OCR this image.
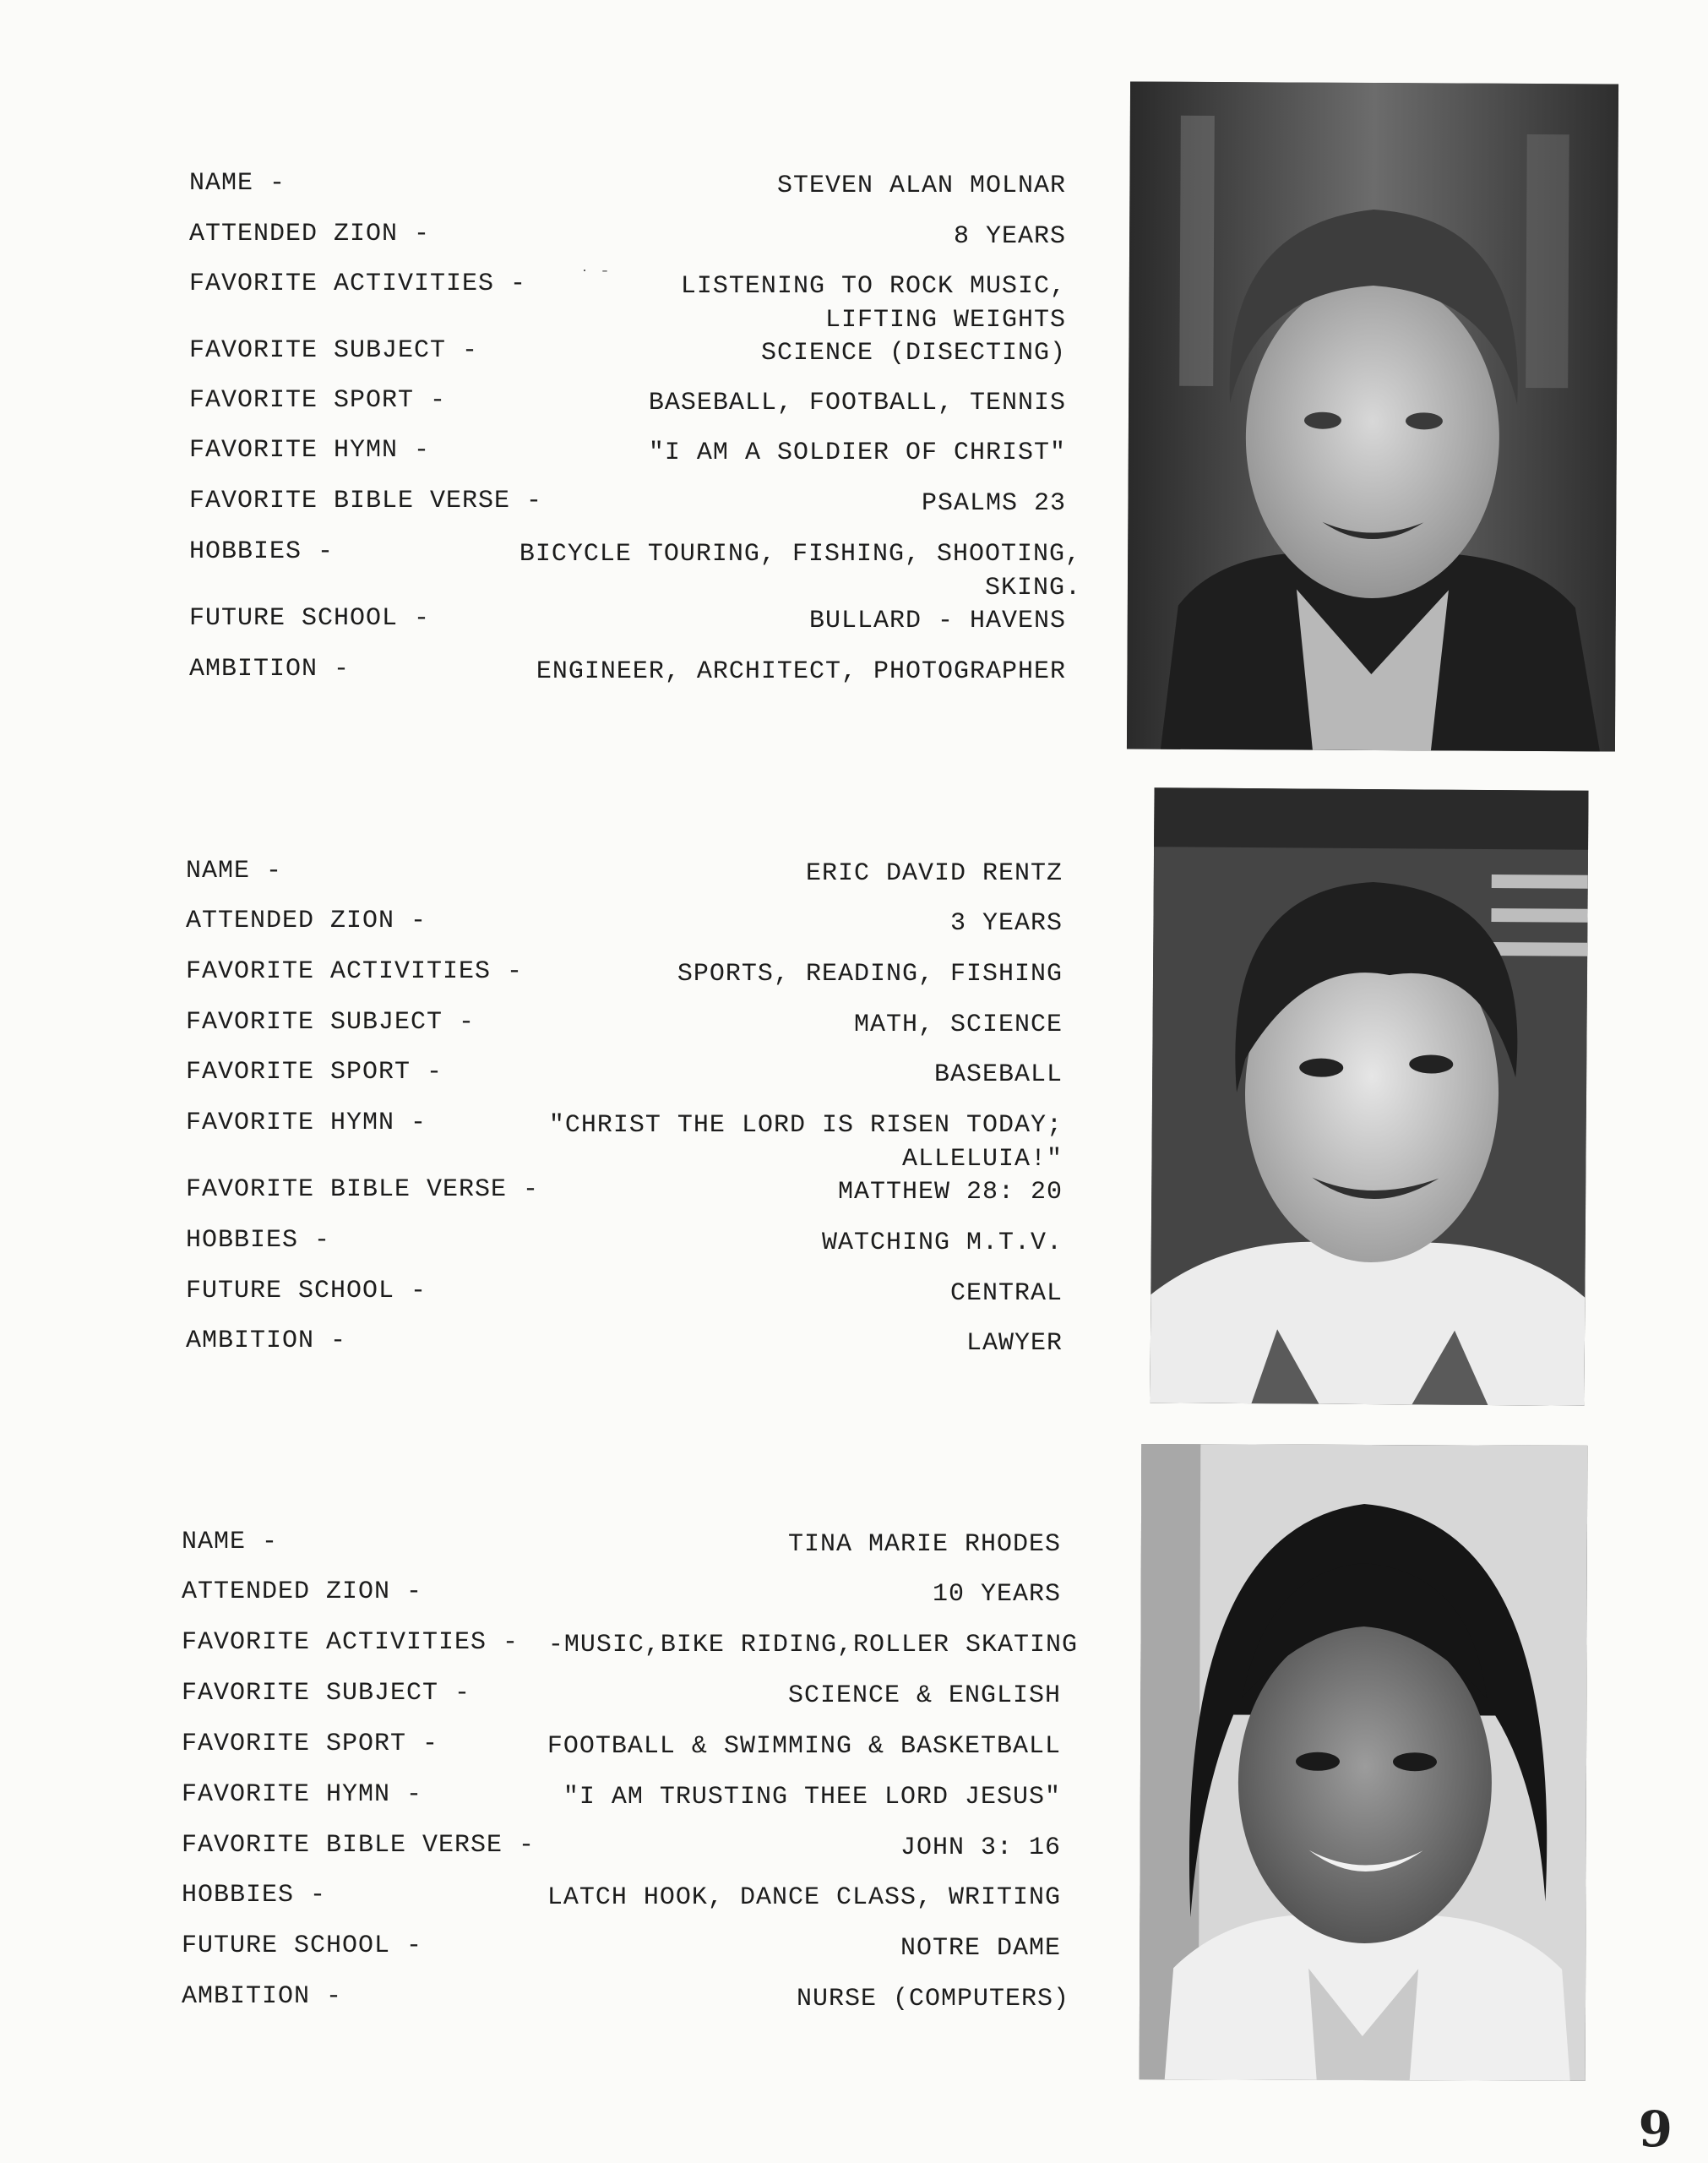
NAME -	STEVEN ALAN MOLNAR
ATTENDED ZION -	8 YEARS
FAVORITE ACTIVITIES -	LISTENING TO ROCK MUSIC,
LIFTING WEIGHTS
˙ ˉ
FAVORITE SUBJECT -	SCIENCE (DISECTING)
FAVORITE SPORT -	BASEBALL, FOOTBALL, TENNIS
FAVORITE HYMN -	"I AM A SOLDIER OF CHRIST"
FAVORITE BIBLE VERSE -	PSALMS 23
HOBBIES -	BICYCLE TOURING, FISHING, SHOOTING,
SKING.
FUTURE SCHOOL -	BULLARD - HAVENS
AMBITION -	ENGINEER, ARCHITECT, PHOTOGRAPHER
NAME -	ERIC DAVID RENTZ
ATTENDED ZION -	3 YEARS
FAVORITE ACTIVITIES -	SPORTS, READING, FISHING
FAVORITE SUBJECT -	MATH, SCIENCE
FAVORITE SPORT -	BASEBALL
FAVORITE HYMN -	"CHRIST THE LORD IS RISEN TODAY;
ALLELUIA!"
FAVORITE BIBLE VERSE -	MATTHEW 28: 20
HOBBIES -	WATCHING M.T.V.
FUTURE SCHOOL -	CENTRAL
AMBITION -	LAWYER
NAME -	TINA MARIE RHODES
ATTENDED ZION -	10 YEARS
FAVORITE ACTIVITIES - -MUSIC,BIKE RIDING,ROLLER SKATING
FAVORITE SUBJECT -	SCIENCE & ENGLISH
FAVORITE SPORT -	FOOTBALL & SWIMMING & BASKETBALL
FAVORITE HYMN -	"I AM TRUSTING THEE LORD JESUS"
FAVORITE BIBLE VERSE -	JOHN 3: 16
HOBBIES -	LATCH HOOK, DANCE CLASS, WRITING
FUTURE SCHOOL -	NOTRE DAME
AMBITION -	NURSE (COMPUTERS)
9
